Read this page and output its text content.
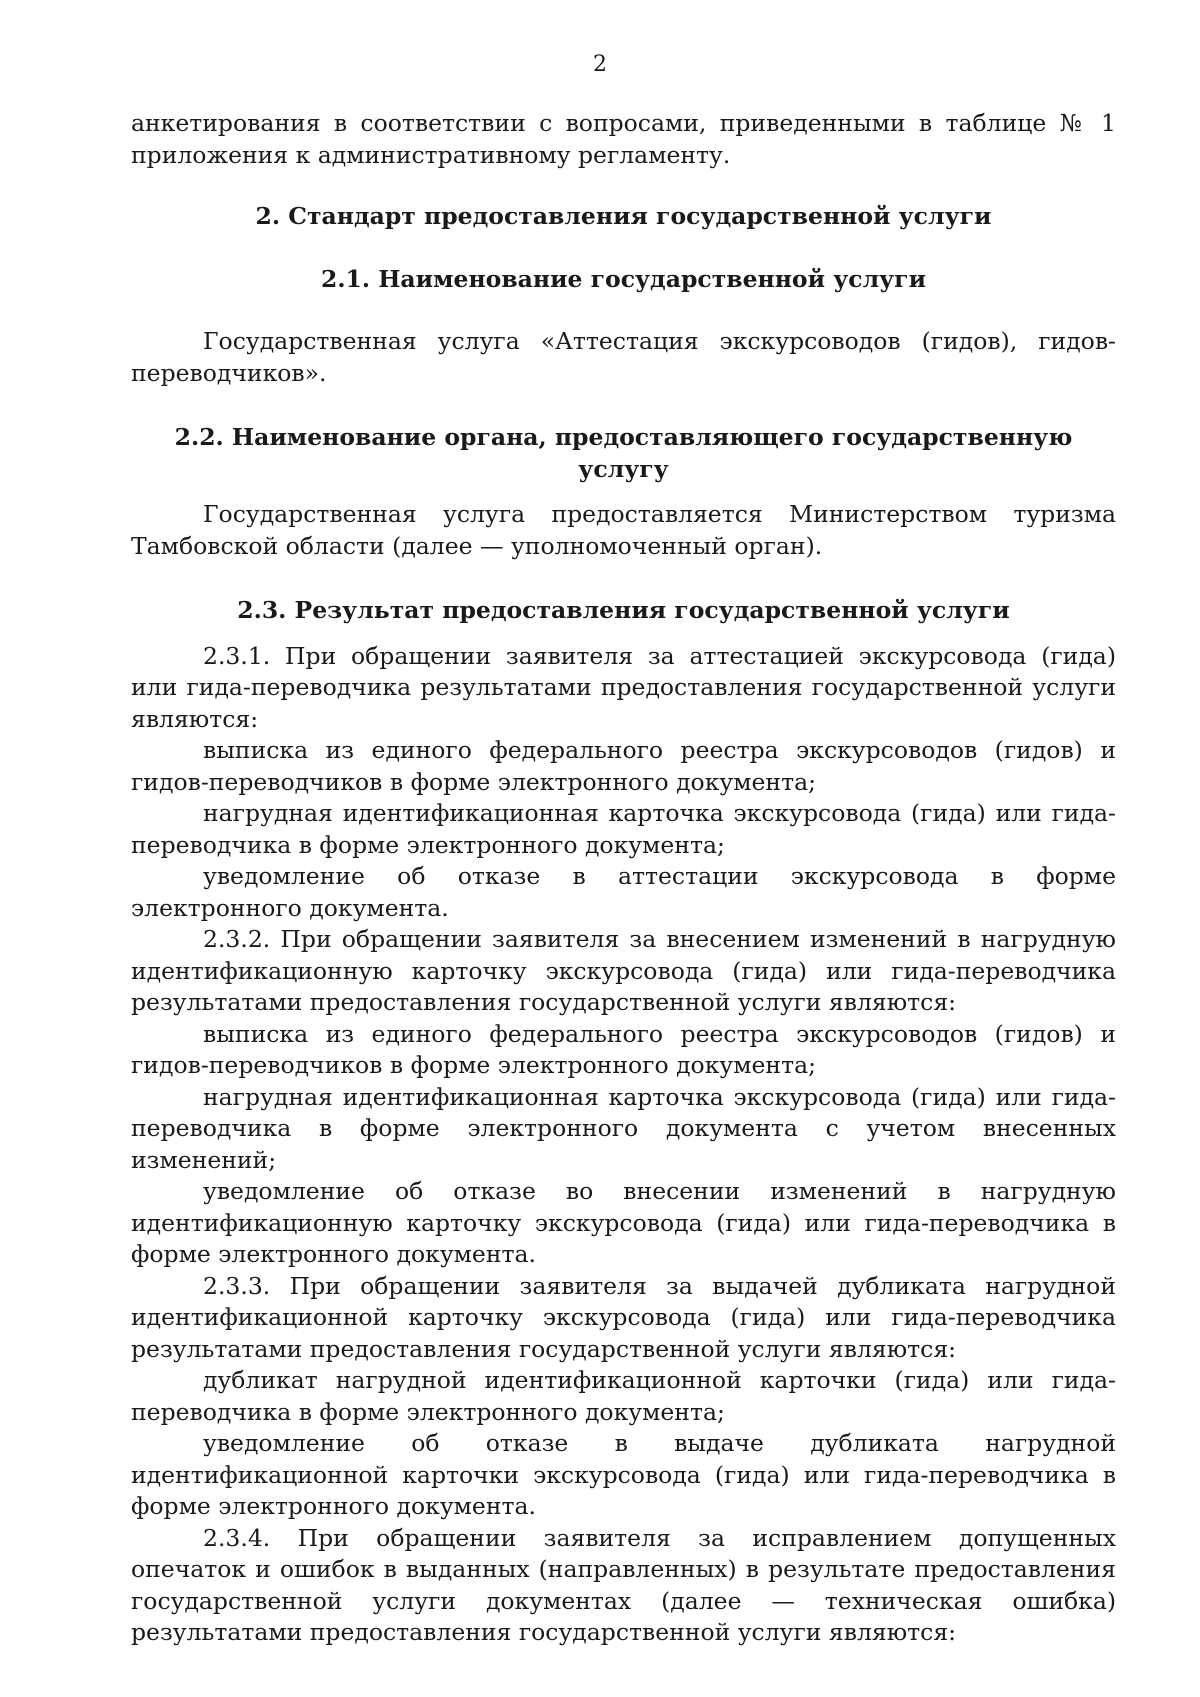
2

анкетирования в соответствии с вопросами, приведенными в таблице № 1 приложения к административному регламенту.

2. Стандарт предоставления государственной услуги
2.1. Наименование государственной услуги

Государственная услуга «Аттестация экскурсоводов (гидов), гидов-переводчиков».

2.2. Наименование органа, предоставляющего государственную услугу

Государственная услуга предоставляется Министерством туризма Тамбовской области (далее — уполномоченный орган).

2.3. Результат предоставления государственной услуги

2.3.1. При обращении заявителя за аттестацией экскурсовода (гида) или гида-переводчика результатами предоставления государственной услуги являются:

выписка из единого федерального реестра экскурсоводов (гидов) и гидов-переводчиков в форме электронного документа;

нагрудная идентификационная карточка экскурсовода (гида) или гида-переводчика в форме электронного документа;

уведомление об отказе в аттестации экскурсовода в форме электронного документа.

2.3.2. При обращении заявителя за внесением изменений в нагрудную идентификационную карточку экскурсовода (гида) или гида-переводчика результатами предоставления государственной услуги являются:

выписка из единого федерального реестра экскурсоводов (гидов) и гидов-переводчиков в форме электронного документа;

нагрудная идентификационная карточка экскурсовода (гида) или гида-переводчика в форме электронного документа с учетом внесенных изменений;

уведомление об отказе во внесении изменений в нагрудную идентификационную карточку экскурсовода (гида) или гида-переводчика в форме электронного документа.

2.3.3. При обращении заявителя за выдачей дубликата нагрудной идентификационной карточку экскурсовода (гида) или гида-переводчика результатами предоставления государственной услуги являются:

дубликат нагрудной идентификационной карточки (гида) или гида-переводчика в форме электронного документа;

уведомление об отказе в выдаче дубликата нагрудной идентификационной карточки экскурсовода (гида) или гида-переводчика в форме электронного документа.

2.3.4. При обращении заявителя за исправлением допущенных опечаток и ошибок в выданных (направленных) в результате предоставления государственной услуги документах (далее — техническая ошибка) результатами предоставления государственной услуги являются:
